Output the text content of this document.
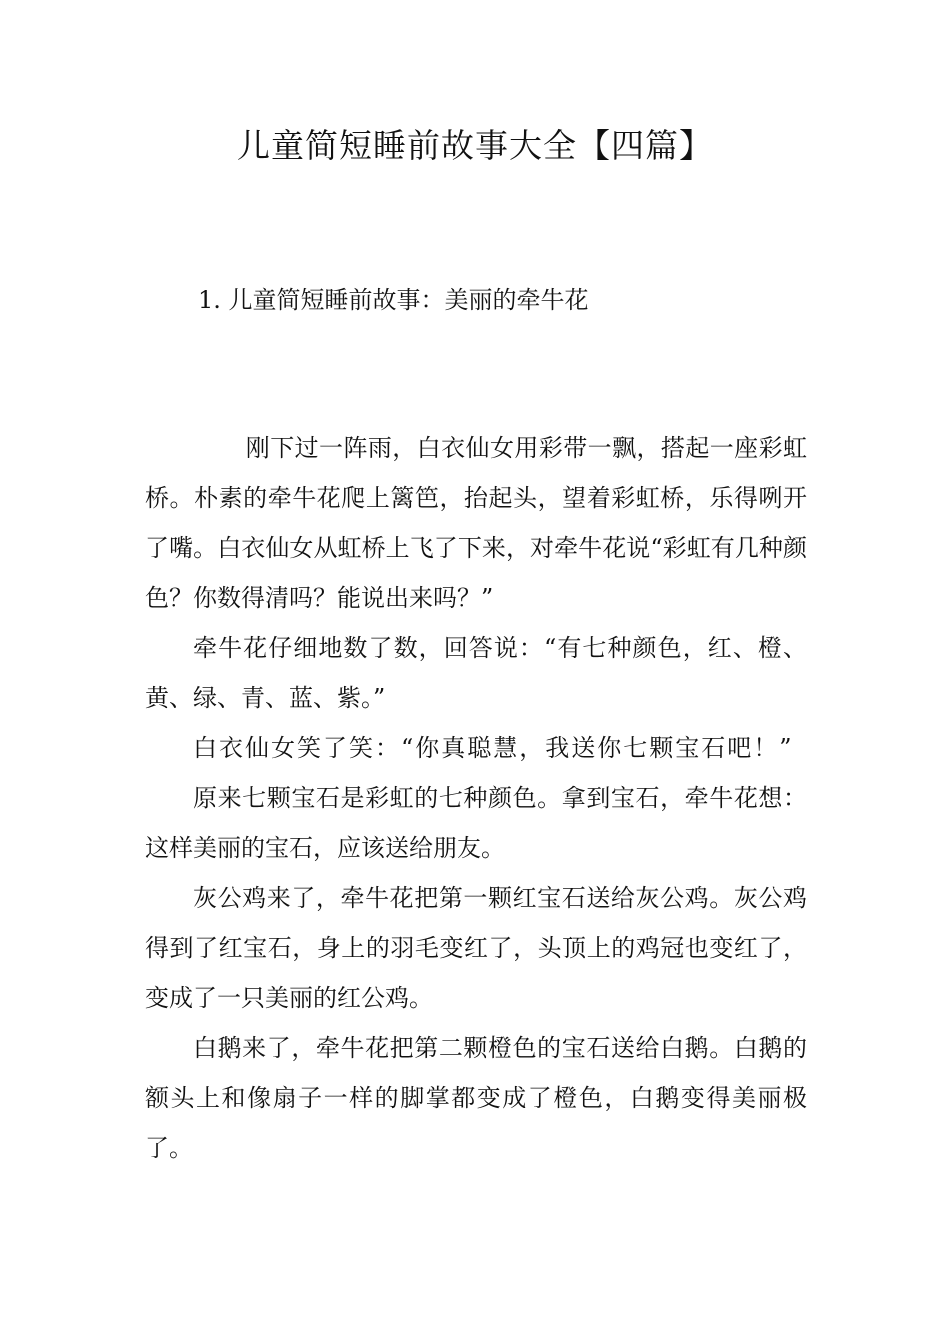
儿童简短睡前故事大全【四篇】
1. 儿童简短睡前故事：美丽的牵牛花

刚下过一阵雨，白衣仙女用彩带一飘，搭起一座彩虹桥。朴素的牵牛花爬上篱笆，抬起头，望着彩虹桥，乐得咧开了嘴。白衣仙女从虹桥上飞了下来，对牵牛花说“彩虹有几种颜色？你数得清吗？能说出来吗？”

牵牛花仔细地数了数，回答说：“有七种颜色，红、橙、黄、绿、青、蓝、紫。”

白衣仙女笑了笑：“你真聪慧，我送你七颗宝石吧！”

原来七颗宝石是彩虹的七种颜色。拿到宝石，牵牛花想：这样美丽的宝石，应该送给朋友。

灰公鸡来了，牵牛花把第一颗红宝石送给灰公鸡。灰公鸡得到了红宝石，身上的羽毛变红了，头顶上的鸡冠也变红了，变成了一只美丽的红公鸡。

白鹅来了，牵牛花把第二颗橙色的宝石送给白鹅。白鹅的额头上和像扇子一样的脚掌都变成了橙色，白鹅变得美丽极了。
